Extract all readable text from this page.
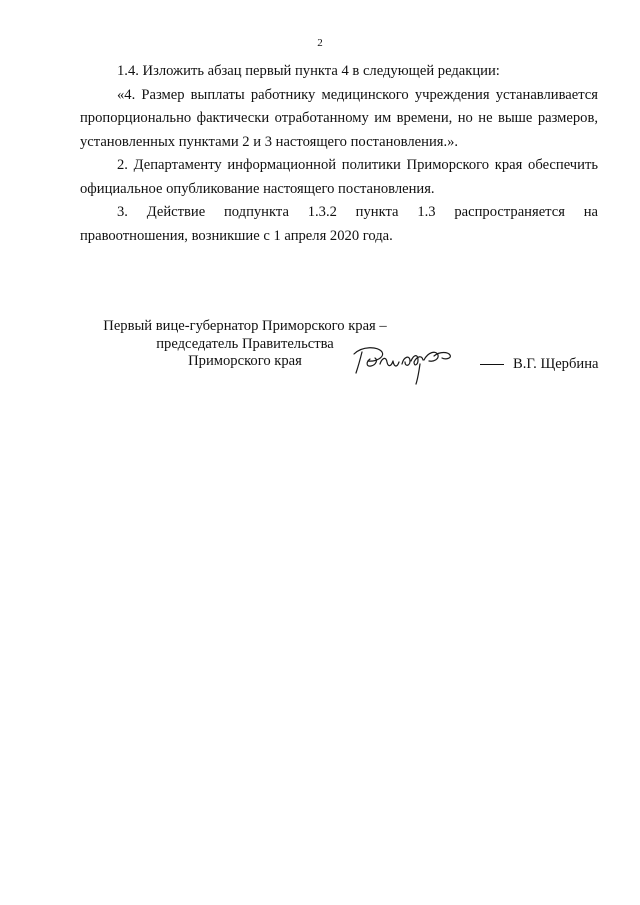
2

1.4. Изложить абзац первый пункта 4 в следующей редакции:

«4. Размер выплаты работнику медицинского учреждения устанавливается пропорционально фактически отработанному им времени, но не выше размеров, установленных пунктами 2 и 3 настоящего постановления.».

2. Департаменту информационной политики Приморского края обеспечить официальное опубликование настоящего постановления.

3. Действие подпункта 1.3.2 пункта 1.3 распространяется на правоотношения, возникшие с 1 апреля 2020 года.

Первый вице-губернатор Приморского края –
председатель Правительства
Приморского края	В.Г. Щербина
